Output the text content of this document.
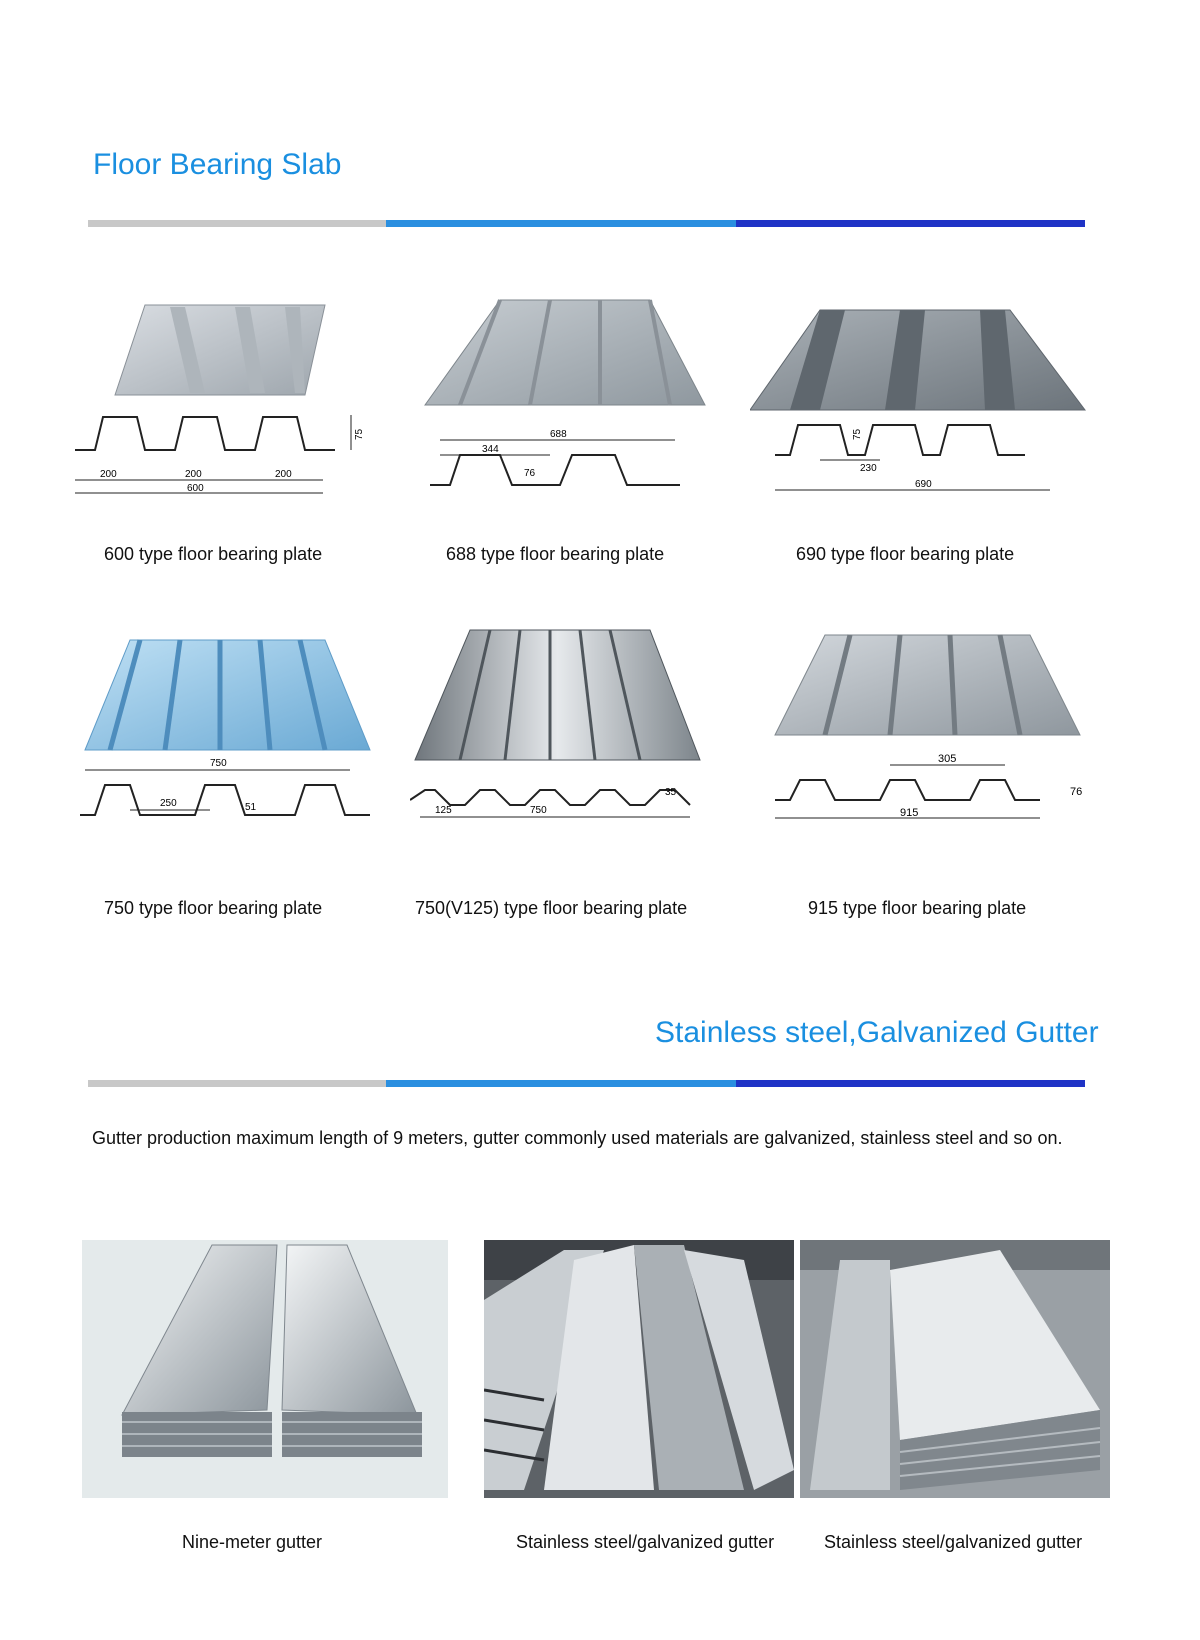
Floor Bearing Slab
200	200	200
600
75
600 type floor bearing plate
688
344
76
688 type floor bearing plate
75
230
690
690 type floor bearing plate
750
250	51
750 type floor bearing plate
35
125	750
750(V125) type floor bearing plate
305
76
915
915 type floor bearing plate
Stainless steel,Galvanized Gutter
Gutter production maximum length of 9 meters, gutter commonly used materials are galvanized, stainless steel and so on.
Nine-meter gutter	Stainless steel/galvanized gutter	Stainless steel/galvanized gutter
